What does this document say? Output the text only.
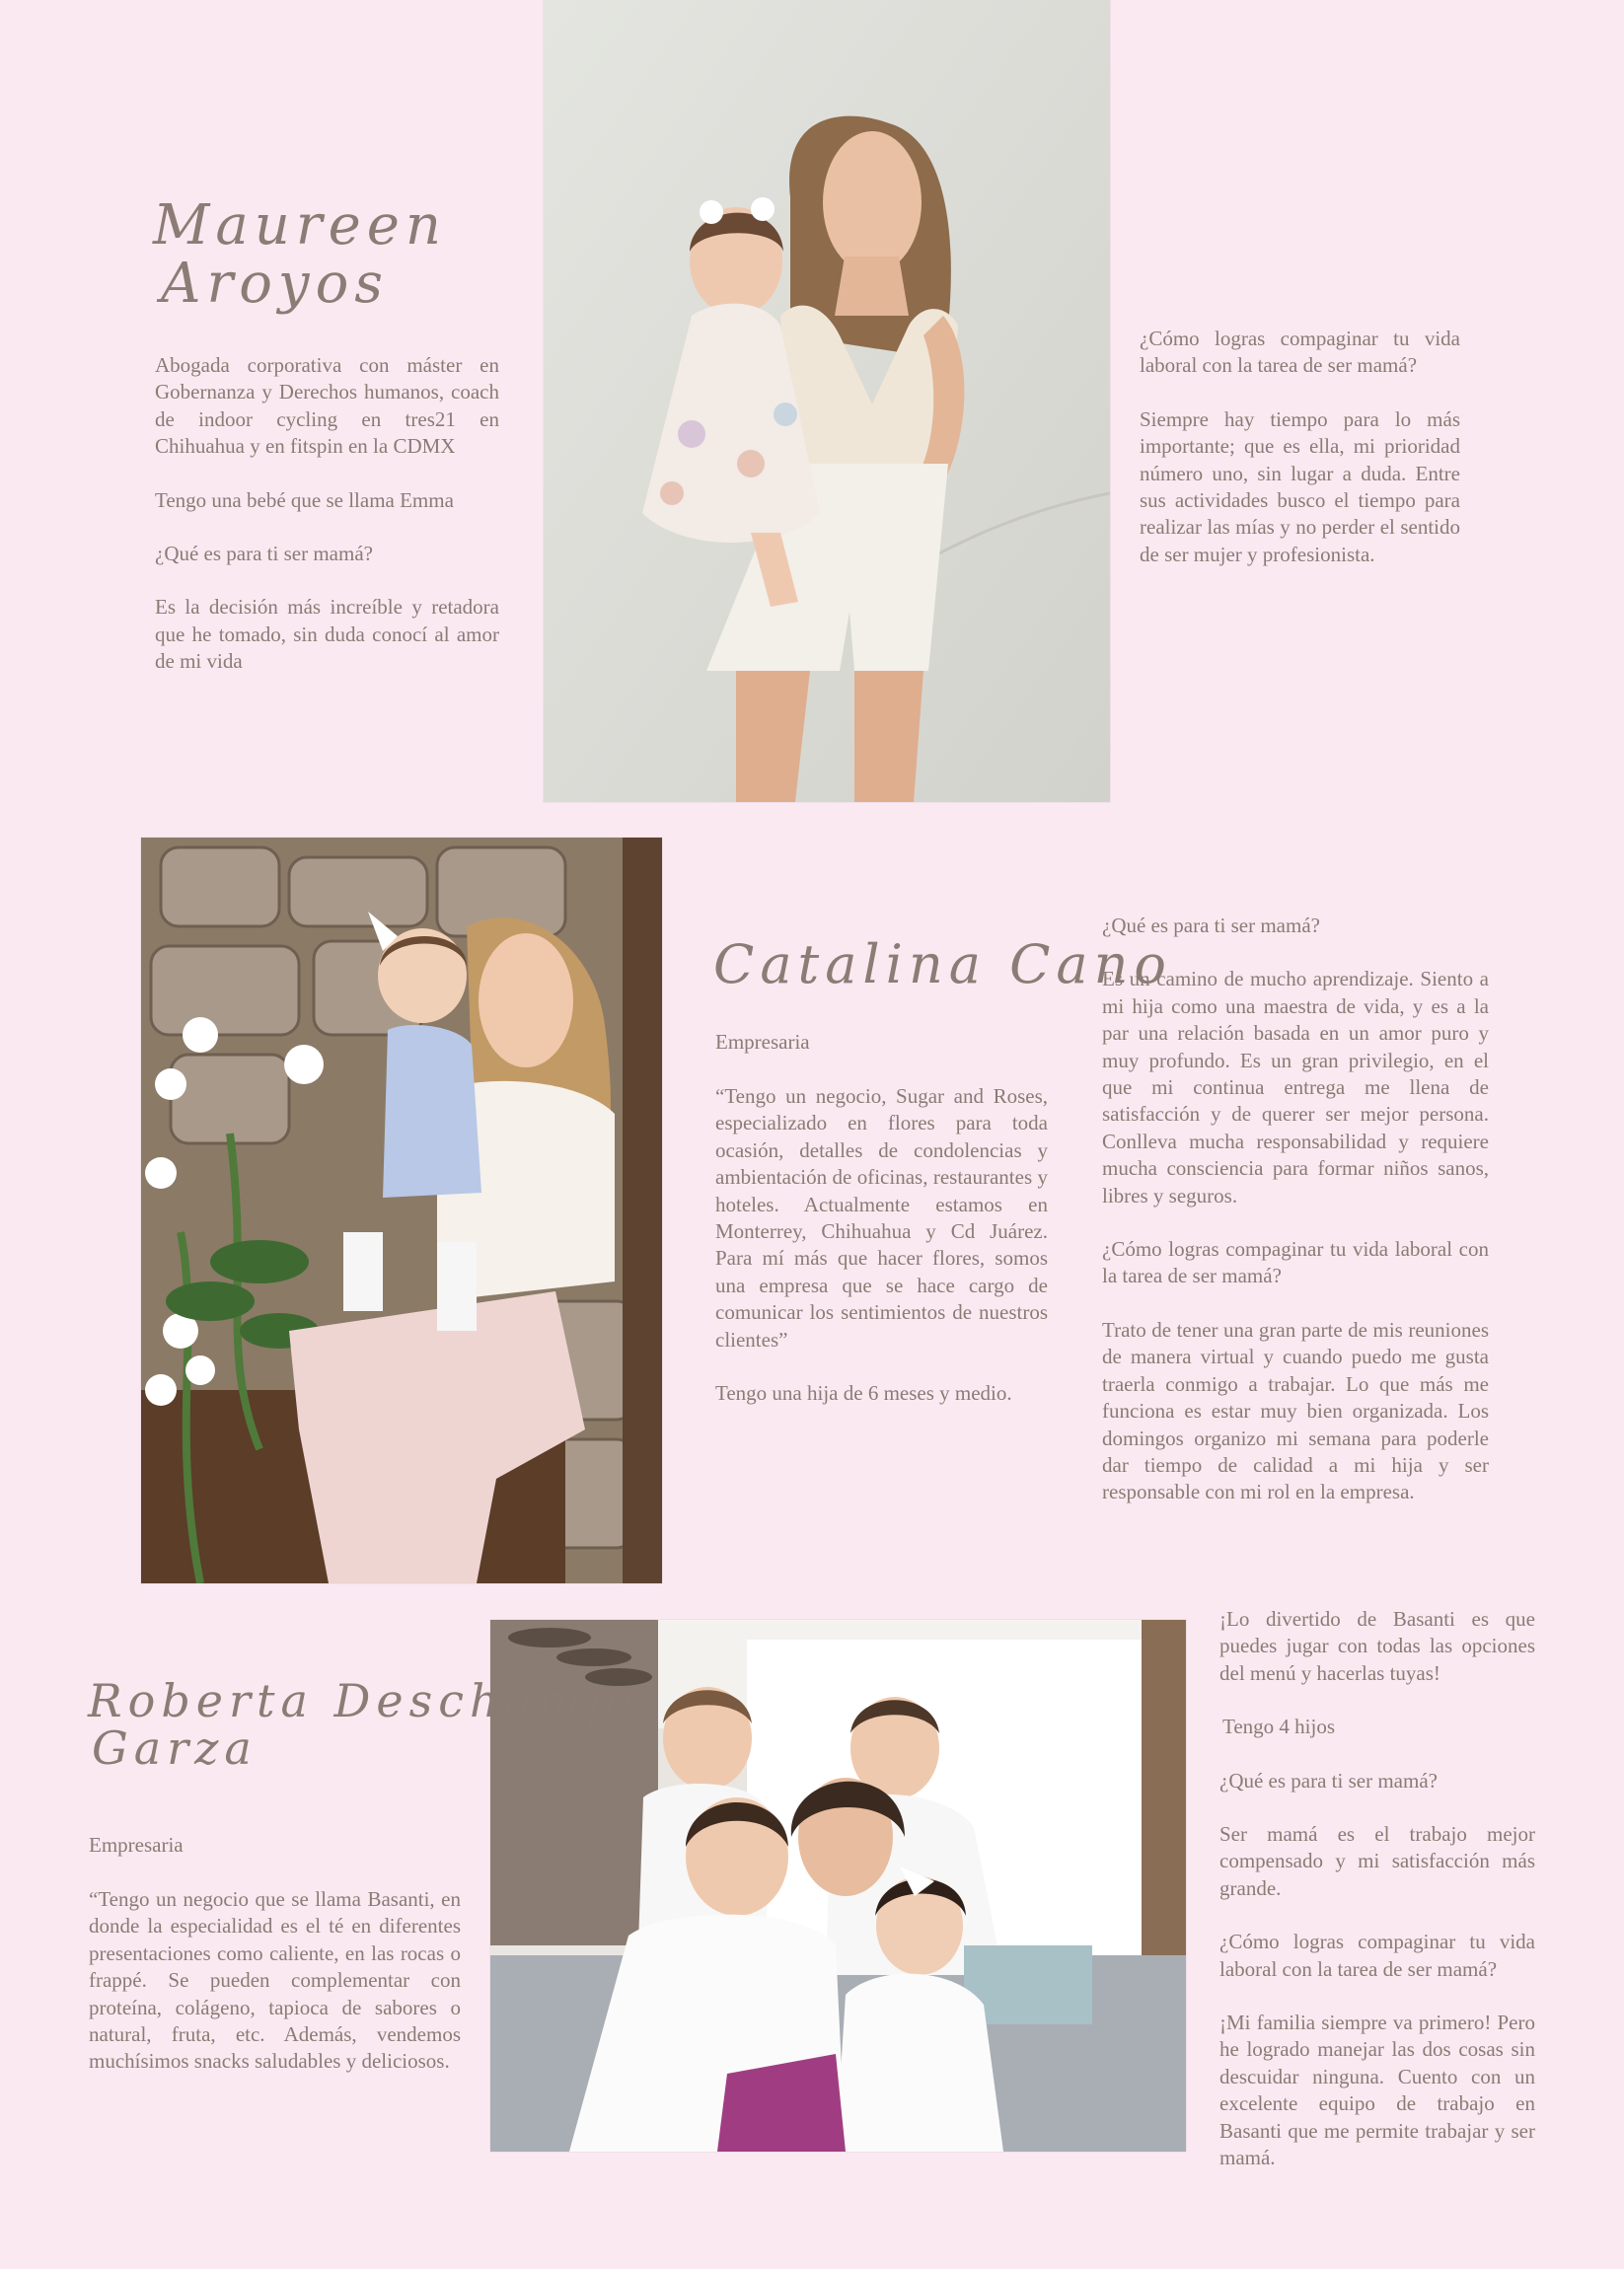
Maureen
Aroyos

Abogada corporativa con máster en Gobernanza y Derechos humanos, coach de indoor cycling en tres21 en Chihuahua y en fitspin en la CDMX

Tengo una bebé que se llama Emma

¿Qué es para ti ser mamá?

Es la decisión más increíble y retadora que he tomado, sin duda conocí al amor de mi vida

¿Cómo logras compaginar tu vida laboral con la tarea de ser mamá?

Siempre hay tiempo para lo más importante; que es ella, mi prioridad número uno, sin lugar a duda. Entre sus actividades busco el tiempo para realizar las mías y no perder el sentido de ser mujer y profesionista.

Catalina Cano

Empresaria

“Tengo un negocio, Sugar and Roses, especializado en flores para toda ocasión, detalles de condolencias y ambientación de oficinas, restaurantes y hoteles. Actualmente estamos en Monterrey, Chihuahua y Cd Juárez. Para mí más que hacer flores, somos una empresa que se hace cargo de comunicar los sentimientos de nuestros clientes”

Tengo una hija de 6 meses y medio.

¿Qué es para ti ser mamá?

Es un camino de mucho aprendizaje. Siento a mi hija como una maestra de vida, y es a la par una relación basada en un amor puro y muy profundo. Es un gran privilegio, en el que mi continua entrega me llena de satisfacción y de querer ser mejor persona. Conlleva mucha responsabilidad y requiere mucha consciencia para formar niños sanos, libres y seguros.

¿Cómo logras compaginar tu vida laboral con la tarea de ser mamá?

Trato de tener una gran parte de mis reuniones de manera virtual y cuando puedo me gusta traerla conmigo a trabajar. Lo que más me funciona es estar muy bien organizada. Los domingos organizo mi semana para poderle dar tiempo de calidad a mi hija y ser responsable con mi rol en la empresa.

Roberta Deschamps
Garza

Empresaria

“Tengo un negocio que se llama Basanti, en donde la especialidad es el té en diferentes presentaciones como caliente, en las rocas o frappé. Se pueden complementar con proteína, colágeno, tapioca de sabores o natural, fruta, etc. Además, vendemos muchísimos snacks saludables y deliciosos.

¡Lo divertido de Basanti es que puedes jugar con todas las opciones del menú y hacerlas tuyas!

Tengo 4 hijos

¿Qué es para ti ser mamá?

Ser mamá es el trabajo mejor compensado y mi satisfacción más grande.

¿Cómo logras compaginar tu vida laboral con la tarea de ser mamá?

¡Mi familia siempre va primero! Pero he logrado manejar las dos cosas sin descuidar ninguna. Cuento con un excelente equipo de trabajo en Basanti que me permite trabajar y ser mamá.
